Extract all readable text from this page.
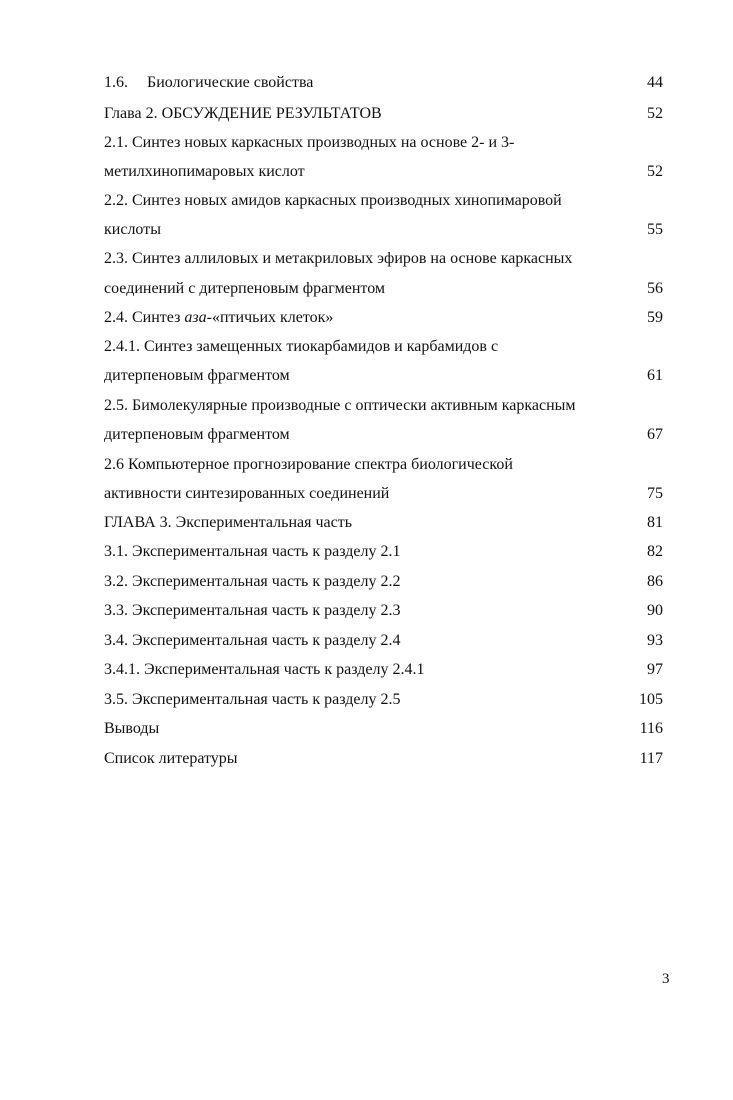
1.6. Биологические свойства	44
Глава 2. ОБСУЖДЕНИЕ РЕЗУЛЬТАТОВ	52
2.1. Синтез новых каркасных производных на основе 2- и 3-
метилхинопимаровых кислот	52
2.2. Синтез новых амидов каркасных производных хинопимаровой
кислоты	55
2.3. Синтез аллиловых и метакриловых эфиров на основе каркасных
соединений с дитерпеновым фрагментом	56
2.4. Синтез аза-«птичьих клеток»	59
2.4.1. Синтез замещенных тиокарбамидов и карбамидов с
дитерпеновым фрагментом	61
2.5. Бимолекулярные производные с оптически активным каркасным
дитерпеновым фрагментом	67
2.6 Компьютерное прогнозирование спектра биологической
активности синтезированных соединений	75
ГЛАВА 3. Экспериментальная часть	81
3.1. Экспериментальная часть к разделу 2.1	82
3.2. Экспериментальная часть к разделу 2.2	86
3.3. Экспериментальная часть к разделу 2.3	90
3.4. Экспериментальная часть к разделу 2.4	93
3.4.1. Экспериментальная часть к разделу 2.4.1	97
3.5. Экспериментальная часть к разделу 2.5	105
Выводы	116
Список литературы	117
3
